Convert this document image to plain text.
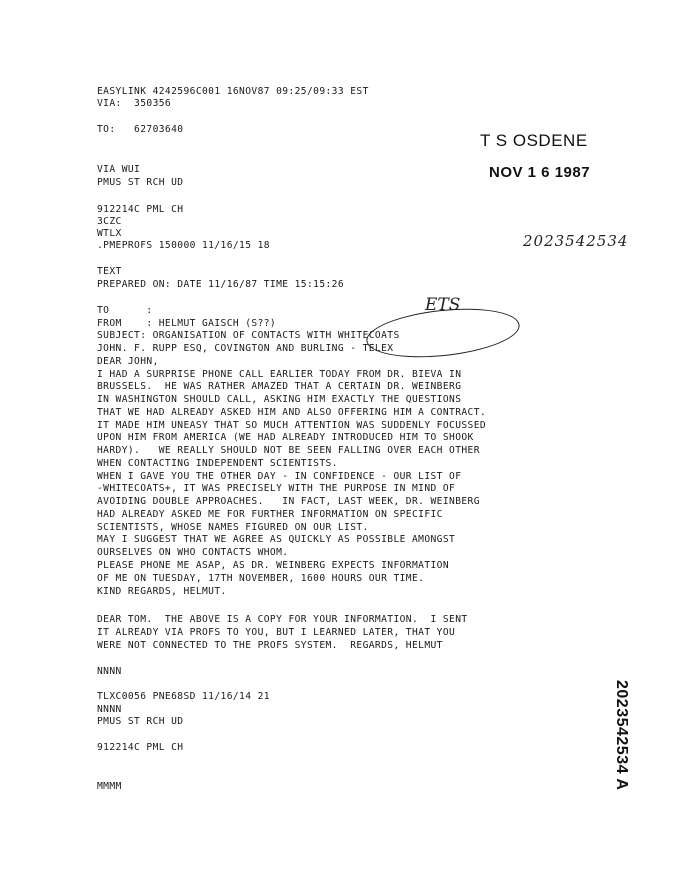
EASYLINK 4242596C001 16NOV87 09:25/09:33 EST
VIA:  350356
TO:   62703640
T S OSDENE
NOV 1 6 1987
VIA WUI
PMUS ST RCH UD
912214C PML CH
3CZC
WTLX
.PMEPROFS 150000 11/16/15 18	2023542534
TEXT
PREPARED ON: DATE 11/16/87 TIME 15:15:26
ETS
TO      :
FROM    : HELMUT GAISCH (S??)
SUBJECT: ORGANISATION OF CONTACTS WITH WHITECOATS
JOHN. F. RUPP ESQ, COVINGTON AND BURLING - TELEX
DEAR JOHN,
I HAD A SURPRISE PHONE CALL EARLIER TODAY FROM DR. BIEVA IN
BRUSSELS.  HE WAS RATHER AMAZED THAT A CERTAIN DR. WEINBERG
IN WASHINGTON SHOULD CALL, ASKING HIM EXACTLY THE QUESTIONS
THAT WE HAD ALREADY ASKED HIM AND ALSO OFFERING HIM A CONTRACT.
IT MADE HIM UNEASY THAT SO MUCH ATTENTION WAS SUDDENLY FOCUSSED
UPON HIM FROM AMERICA (WE HAD ALREADY INTRODUCED HIM TO SHOOK
HARDY).   WE REALLY SHOULD NOT BE SEEN FALLING OVER EACH OTHER
WHEN CONTACTING INDEPENDENT SCIENTISTS.
WHEN I GAVE YOU THE OTHER DAY - IN CONFIDENCE - OUR LIST OF
-WHITECOATS+, IT WAS PRECISELY WITH THE PURPOSE IN MIND OF
AVOIDING DOUBLE APPROACHES.   IN FACT, LAST WEEK, DR. WEINBERG
HAD ALREADY ASKED ME FOR FURTHER INFORMATION ON SPECIFIC
SCIENTISTS, WHOSE NAMES FIGURED ON OUR LIST.
MAY I SUGGEST THAT WE AGREE AS QUICKLY AS POSSIBLE AMONGST
OURSELVES ON WHO CONTACTS WHOM.
PLEASE PHONE ME ASAP, AS DR. WEINBERG EXPECTS INFORMATION
OF ME ON TUESDAY, 17TH NOVEMBER, 1600 HOURS OUR TIME.
KIND REGARDS, HELMUT.
DEAR TOM.  THE ABOVE IS A COPY FOR YOUR INFORMATION.  I SENT
IT ALREADY VIA PROFS TO YOU, BUT I LEARNED LATER, THAT YOU
WERE NOT CONNECTED TO THE PROFS SYSTEM.  REGARDS, HELMUT
NNNN
TLXC0056 PNE68SD 11/16/14 21
NNNN
PMUS ST RCH UD
912214C PML CH
MMMM	2023542534 A
